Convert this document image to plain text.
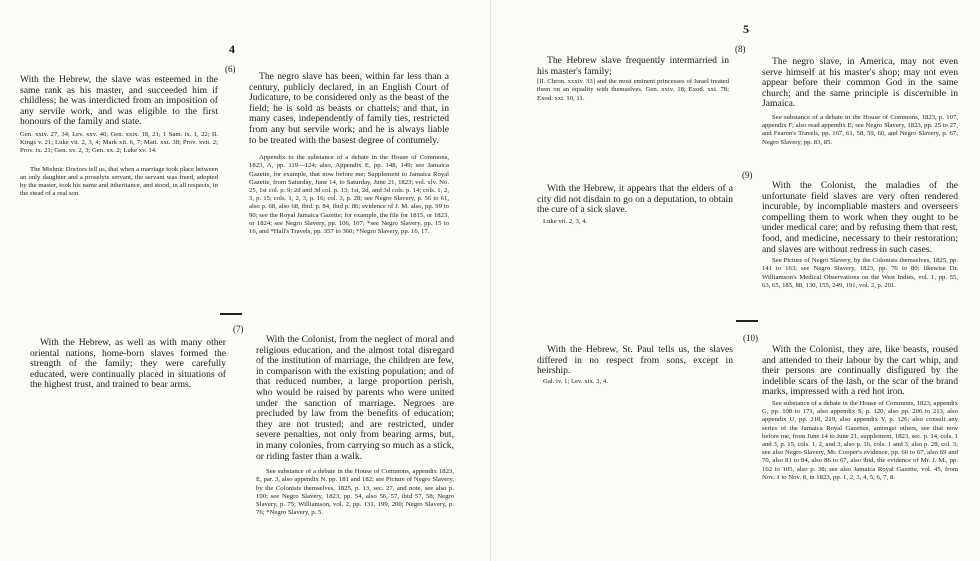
4
(6)
With the Hebrew, the slave was esteemed in the same rank as his master, and succeeded him if childless; he was interdicted from an imposition of any servile work, and was eligible to the first honours of the family and state.
Gen. xxiv. 27, 34; Lev. xxv. 40; Gen. xxix. 18, 21; 1 Sam. ix. 1, 22; II. Kings v. 21; Luke vii. 2, 3, 4; Mark xii. 6, 7; Matt. xxi. 38; Prov. xvii. 2; Prov. ix. 21; Gen. xv. 2, 3; Gen. xx. 2; Luke xv. 14.
The Mishnic Doctors tell us, that when a marriage took place between an only daughter and a proselyte servant, the servant was freed, adopted by the master, took his name and inheritance, and stood, in all respects, in the stead of a real son.
The negro slave has been, within far less than a century, publicly declared, in an English Court of Judicature, to be considered only as the beast of the field; he is sold as beasts or chattels; and that, in many cases, independently of family ties, restricted from any but servile work; and he is always liable to be treated with the basest degree of contumely.
Appendix to the substance of a debate in the House of Commons, 1823, A, pp. 119—124; also, Appendix E, pp. 148, 149; see Jamaica Gazette, for example, that now before me; Supplement to Jamaica Royal Gazette, from Saturday, June 14, to Saturday, June 21, 1823; vol. xlv. No. 25, 1st col. p. 9; 2d and 3d col. p. 13; 1st, 2d, and 3d cols. p. 14; cols. 1, 2, 3, p. 15; cols. 1, 2, 3, p. 16; col. 3, p. 28; see Negro Slavery, p. 56 to 61, also p. 68, also 68, ibid. p. 84, ibid p. 86; evidence of J. M. also, pp. 99 to 90; see the Royal Jamaica Gazette; for example, the file for 1815, or 1823, or 1824; see Negro Slavery, pp. 106, 107; *see Negro Slavery, pp. 15 to 16, and *Hall's Travels, pp. 357 to 360; *Negro Slavery, pp. 16, 17.
(7)
With the Hebrew, as well as with many other oriental nations, home-born slaves formed the strength of the family; they were carefully educated, were continually placed in situations of the highest trust, and trained to bear arms.
With the Colonist, from the neglect of moral and religious education, and the almost total disregard of the institution of marriage, the children are few, in comparison with the existing population; and of that reduced number, a large proportion perish, who would be raised by parents who were united under the sanction of marriage. Negroes are precluded by law from the benefits of education; they are not trusted; and are restricted, under severe penalties, not only from bearing arms, but, in many colonies, from carrying so much as a stick, or riding faster than a walk.
See substance of a debate in the House of Commons, appendix 1823, E, par. 3, also appendix N. pp. 181 and 182; see Picture of Negro Slavery, by the Colonists themselves, 1825, p. 13, sec. 27, and note, see also p. 100; see Negro Slavery, 1823, pp. 54, also 56, 57, ibid 57, 58; Negro Slavery, p. 75; Williamson, vol. 2, pp. 131, 199, 200; Negro Slavery, p. 76; *Negro Slavery, p. 5.
5
(8)
The Hebrew slave frequently intermarried in his master's family;
[II. Chron. xxxiv. 33] and the most eminent princesses of Israel treated them on an equality with themselves. Gen. xxiv. 18; Exod. xxi. 78; Exod. xxi. 10, 11.
The negro slave, in America, may not even serve himself at his master's shop; may not even appear before their common God in the same church; and the same principle is discernible in Jamaica.
See substance of a debate in the House of Commons, 1823, p. 107, appendix F; also read appendix E; see Negro Slavery, 1823, pp. 25 to 27, and Fearon's Travels, pp. 167, 61, 58, 59, 60, and Negro Slavery, p. 67; Negro Slavery, pp. 83, 85.
(9)
With the Hebrew, it appears that the elders of a city did not disdain to go on a deputation, to obtain the cure of a sick slave.
Luke vii. 2, 3, 4.
With the Colonist, the maladies of the unfortunate field slaves are very often rendered incurable, by incompliable masters and overseers compelling them to work when they ought to be under medical care; and by refusing them that rest, food, and medicine, necessary to their restoration; and slaves are without redress in such cases.
See Picture of Negro Slavery, by the Colonists themselves, 1825, pp. 141 to 163; see Negro Slavery, 1823, pp. 76 to 80; likewise Dr. Williamson's Medical Observations on the West Indies, vol. 1, pp. 55, 63, 65, 185, 88, 130, 155, 249, 191, vol. 2, p. 201.
(10)
With the Hebrew, St. Paul tells us, the slaves differed in no respect from sons, except in heirship.
Gal. iv. 1; Lev. xix. 3, 4.
With the Colonist, they are, like beasts, roused and attended to their labour by the cart whip, and their persons are continually disfigured by the indelible scars of the lash, or the scar of the brand marks, impressed with a red hot iron.
See substance of a debate in the House of Commons, 1823, appendix G, pp. 108 to 171, also appendix S, p. 120, also pp. 206 to 213, also appendix U, pp. 218, 219, also appendix Y, p. 126; also consult any series of the Jamaica Royal Gazettes, amongst others, see that now before me, from June 14 to June 21, supplement, 1823, sec. p. 14, cols. 1 and 3, p. 15, cols. 1, 2, and 3, also p. 16, cols. 1 and 3, also p. 28, col. 3; see also Negro Slavery, Mr. Cooper's evidence, pp. 60 to 67, also 69 and 70, also 81 to 84, also 86 to 67, also ibid, the evidence of Mr. J. M., pp. 102 to 105, also p. 38; see also Jamaica Royal Gazette, vol. 45, from Nov. 1 to Nov. 8, in 1823, pp. 1, 2, 3, 4, 5, 6, 7, 8.
